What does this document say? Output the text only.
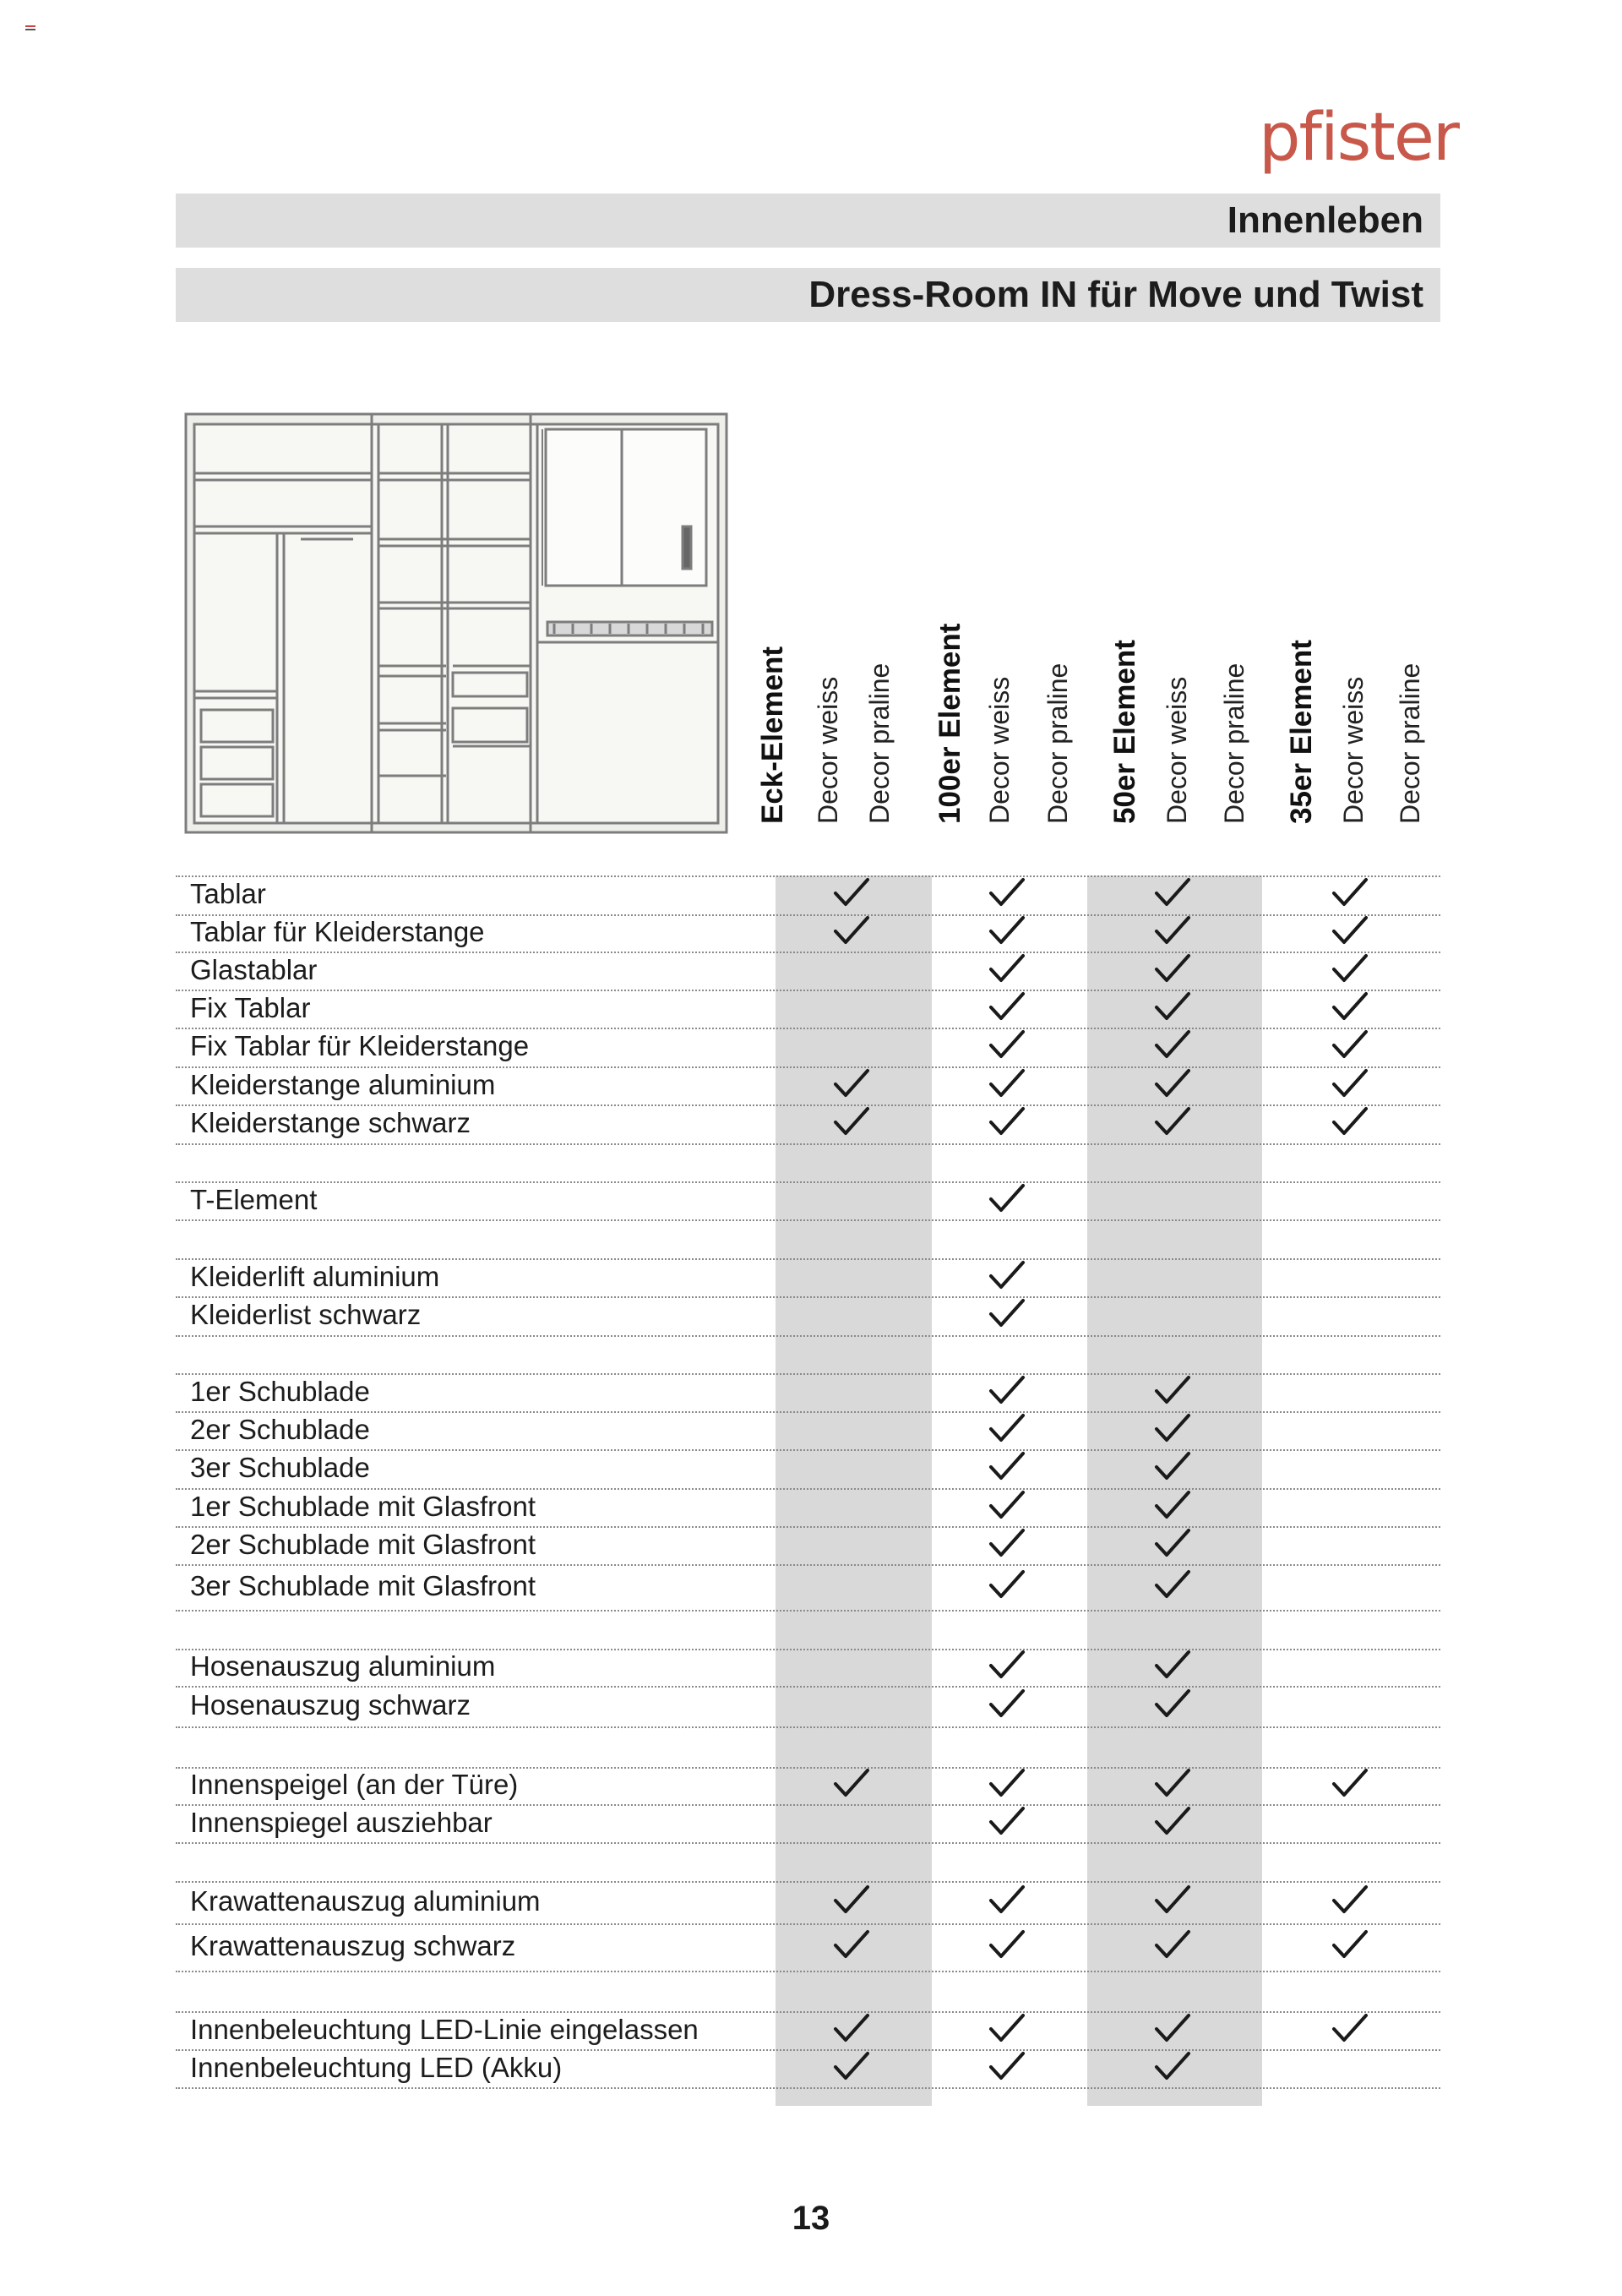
pfister
Innenleben
Dress-Room IN für Move und Twist
Eck-Element Decor weiss Decor praline 100er Element Decor weiss Decor praline 50er Element Decor weiss Decor praline 35er Element Decor weiss Decor praline
Tablar
Tablar für Kleiderstange
Glastablar
Fix Tablar
Fix Tablar für Kleiderstange
Kleiderstange aluminium
Kleiderstange schwarz
T-Element
Kleiderlift aluminium
Kleiderlist schwarz
1er Schublade
2er Schublade
3er Schublade
1er Schublade mit Glasfront
2er Schublade mit Glasfront
3er Schublade mit Glasfront
Hosenauszug aluminium
Hosenauszug schwarz
Innenspeigel (an der Türe)
Innenspiegel ausziehbar
Krawattenauszug aluminium
Krawattenauszug schwarz
Innenbeleuchtung LED-Linie eingelassen
Innenbeleuchtung LED (Akku)
13
